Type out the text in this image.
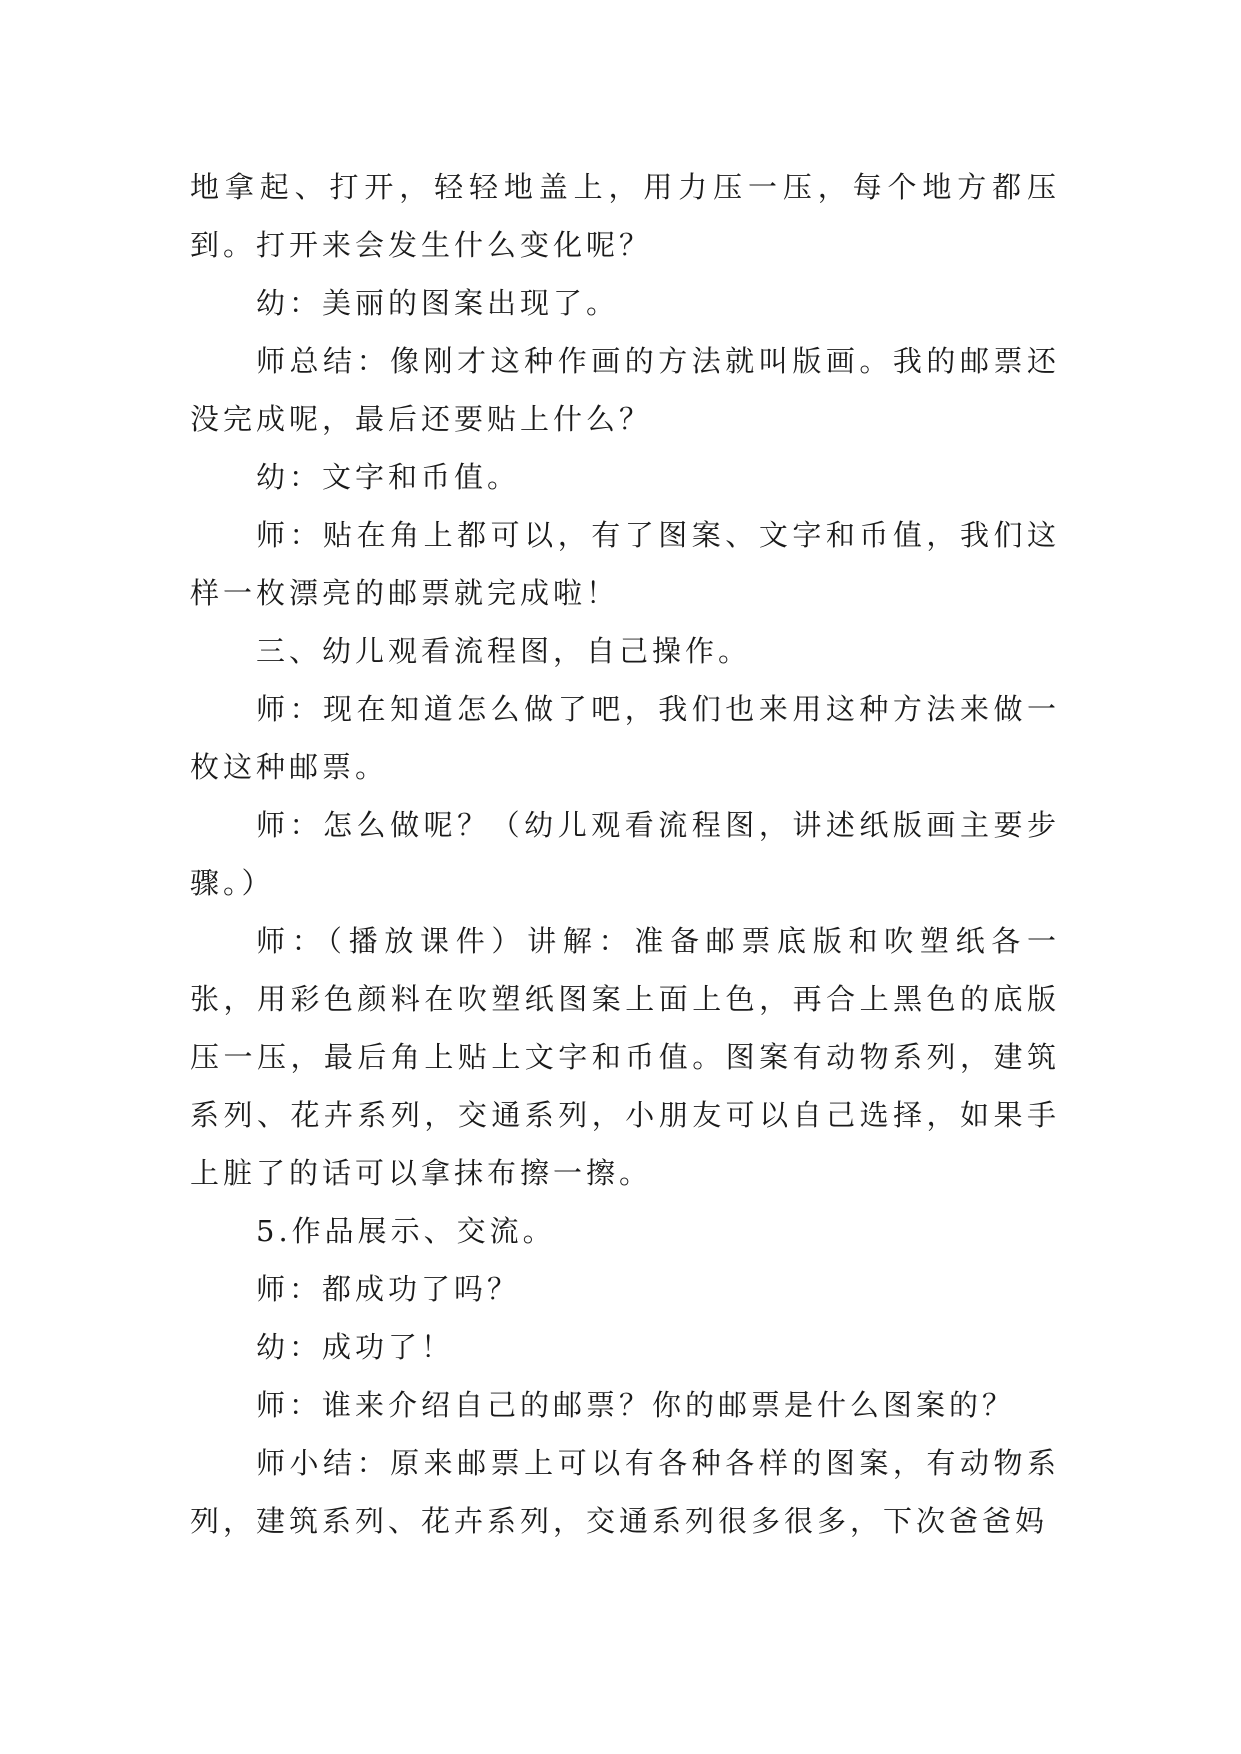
地拿起、打开，轻轻地盖上，用力压一压，每个地方都压到。打开来会发生什么变化呢？

幼：美丽的图案出现了。

师总结：像刚才这种作画的方法就叫版画。我的邮票还没完成呢，最后还要贴上什么？

幼：文字和币值。

师：贴在角上都可以，有了图案、文字和币值，我们这样一枚漂亮的邮票就完成啦！

三、幼儿观看流程图，自己操作。

师：现在知道怎么做了吧，我们也来用这种方法来做一枚这种邮票。

师：怎么做呢？（幼儿观看流程图，讲述纸版画主要步骤。）

师：（播放课件）讲解：准备邮票底版和吹塑纸各一张，用彩色颜料在吹塑纸图案上面上色，再合上黑色的底版压一压，最后角上贴上文字和币值。图案有动物系列，建筑系列、花卉系列，交通系列，小朋友可以自己选择，如果手上脏了的话可以拿抹布擦一擦。

5.作品展示、交流。

师：都成功了吗？

幼：成功了！

师：谁来介绍自己的邮票？你的邮票是什么图案的？

师小结：原来邮票上可以有各种各样的图案，有动物系列，建筑系列、花卉系列，交通系列很多很多，下次爸爸妈
